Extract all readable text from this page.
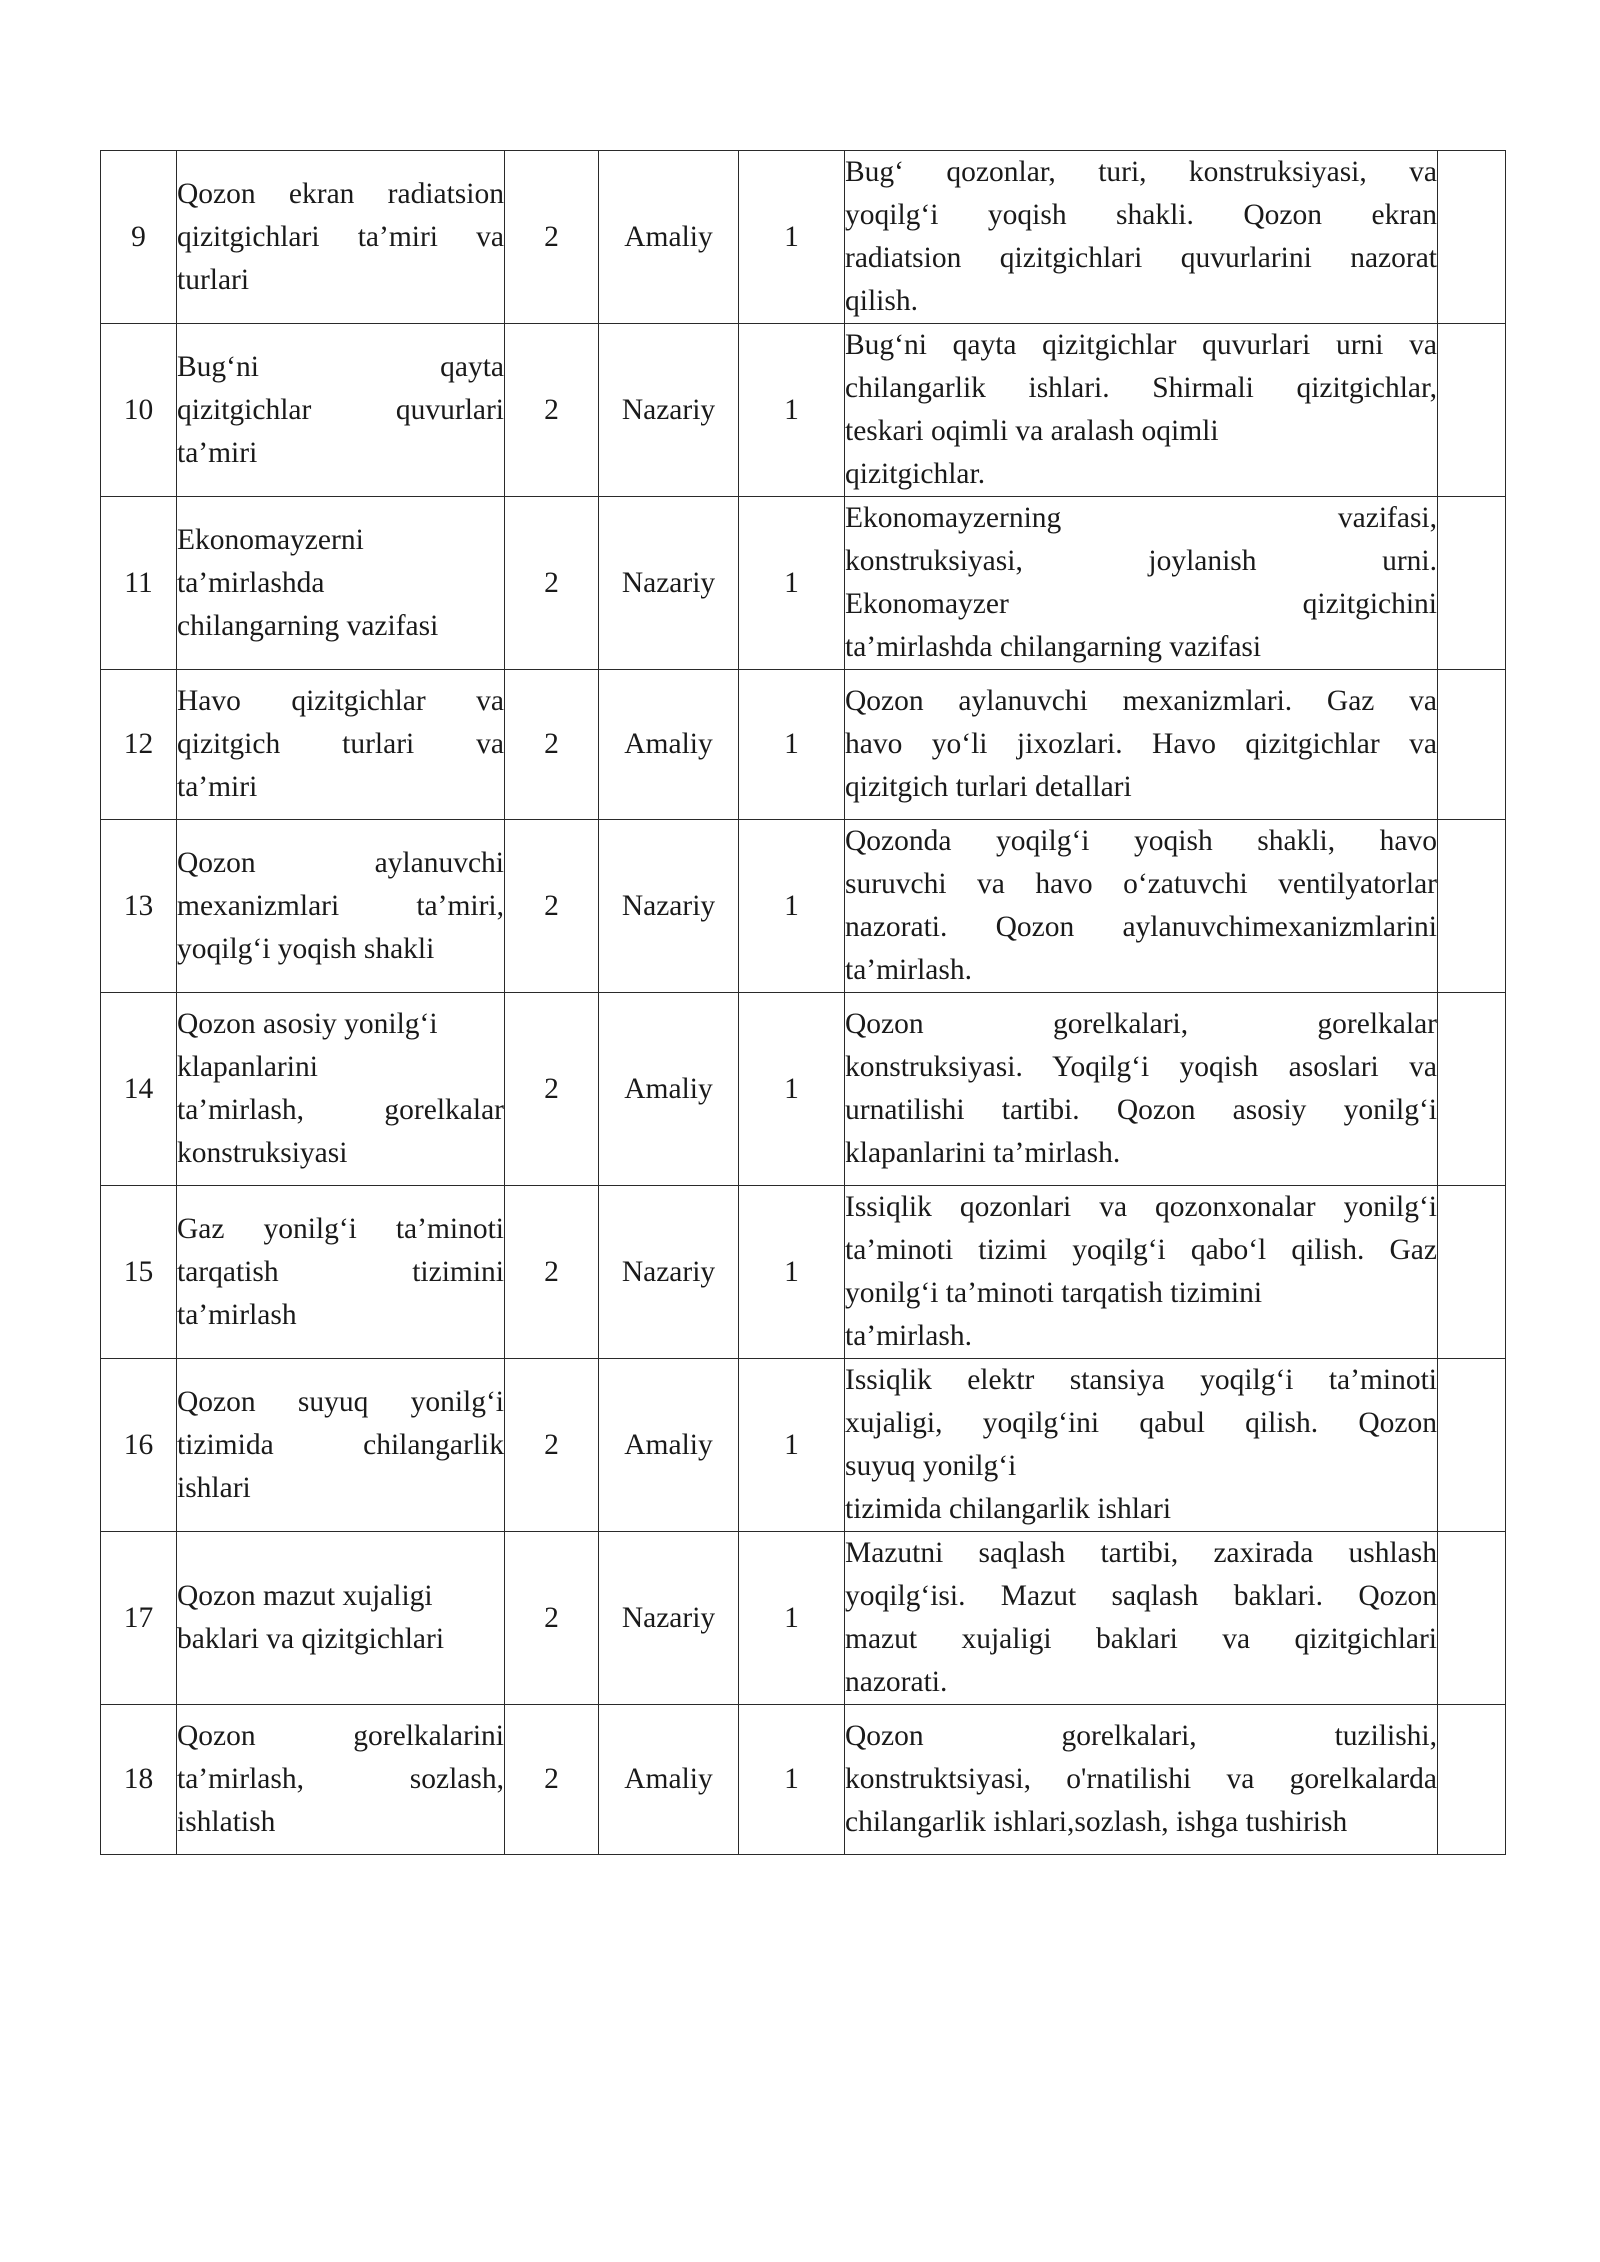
9	Qozon ekran radiatsion
qizitgichlari ta’miri va
turlari	2	Amaliy	1	Bug‘ qozonlar, turi, konstruksiyasi, va
yoqilg‘i yoqish shakli. Qozon ekran
radiatsion qizitgichlari quvurlarini nazorat
qilish.	

10	Bug‘ni qayta
qizitgichlar quvurlari
ta’miri	2	Nazariy	1	Bug‘ni qayta qizitgichlar quvurlari urni va
chilangarlik ishlari. Shirmali qizitgichlar,
teskari oqimli va aralash oqimli
qizitgichlar.	

11	Ekonomayzerni
ta’mirlashda
chilangarning vazifasi	2	Nazariy	1	Ekonomayzerning vazifasi,
konstruksiyasi, joylanish urni.
Ekonomayzer qizitgichini
ta’mirlashda chilangarning vazifasi	

12	Havo qizitgichlar va
qizitgich turlari va
ta’miri	2	Amaliy	1	Qozon aylanuvchi mexanizmlari. Gaz va
havo yo‘li jixozlari. Havo qizitgichlar va
qizitgich turlari detallari	

13	Qozon aylanuvchi
mexanizmlari ta’miri,
yoqilg‘i yoqish shakli	2	Nazariy	1	Qozonda yoqilg‘i yoqish shakli, havo
suruvchi va havo o‘zatuvchi ventilyatorlar
nazorati. Qozon aylanuvchimexanizmlarini
ta’mirlash.	

14	Qozon asosiy yonilg‘i
klapanlarini
ta’mirlash, gorelkalar
konstruksiyasi	2	Amaliy	1	Qozon gorelkalari, gorelkalar
konstruksiyasi. Yoqilg‘i yoqish asoslari va
urnatilishi tartibi. Qozon asosiy yonilg‘i
klapanlarini ta’mirlash.	

15	Gaz yonilg‘i ta’minoti
tarqatish tizimini
ta’mirlash	2	Nazariy	1	Issiqlik qozonlari va qozonxonalar yonilg‘i
ta’minoti tizimi yoqilg‘i qabo‘l qilish. Gaz
yonilg‘i ta’minoti tarqatish tizimini
ta’mirlash.	

16	Qozon suyuq yonilg‘i
tizimida chilangarlik
ishlari	2	Amaliy	1	Issiqlik elektr stansiya yoqilg‘i ta’minoti
xujaligi, yoqilg‘ini qabul qilish. Qozon
suyuq yonilg‘i
tizimida chilangarlik ishlari	

17	Qozon mazut xujaligi
baklari va qizitgichlari	2	Nazariy	1	Mazutni saqlash tartibi, zaxirada ushlash
yoqilg‘isi. Mazut saqlash baklari. Qozon
mazut xujaligi baklari va qizitgichlari
nazorati.	

18	Qozon gorelkalarini
ta’mirlash, sozlash,
ishlatish	2	Amaliy	1	Qozon gorelkalari, tuzilishi,
konstruktsiyasi, o'rnatilishi va gorelkalarda
chilangarlik ishlari,sozlash, ishga tushirish	
